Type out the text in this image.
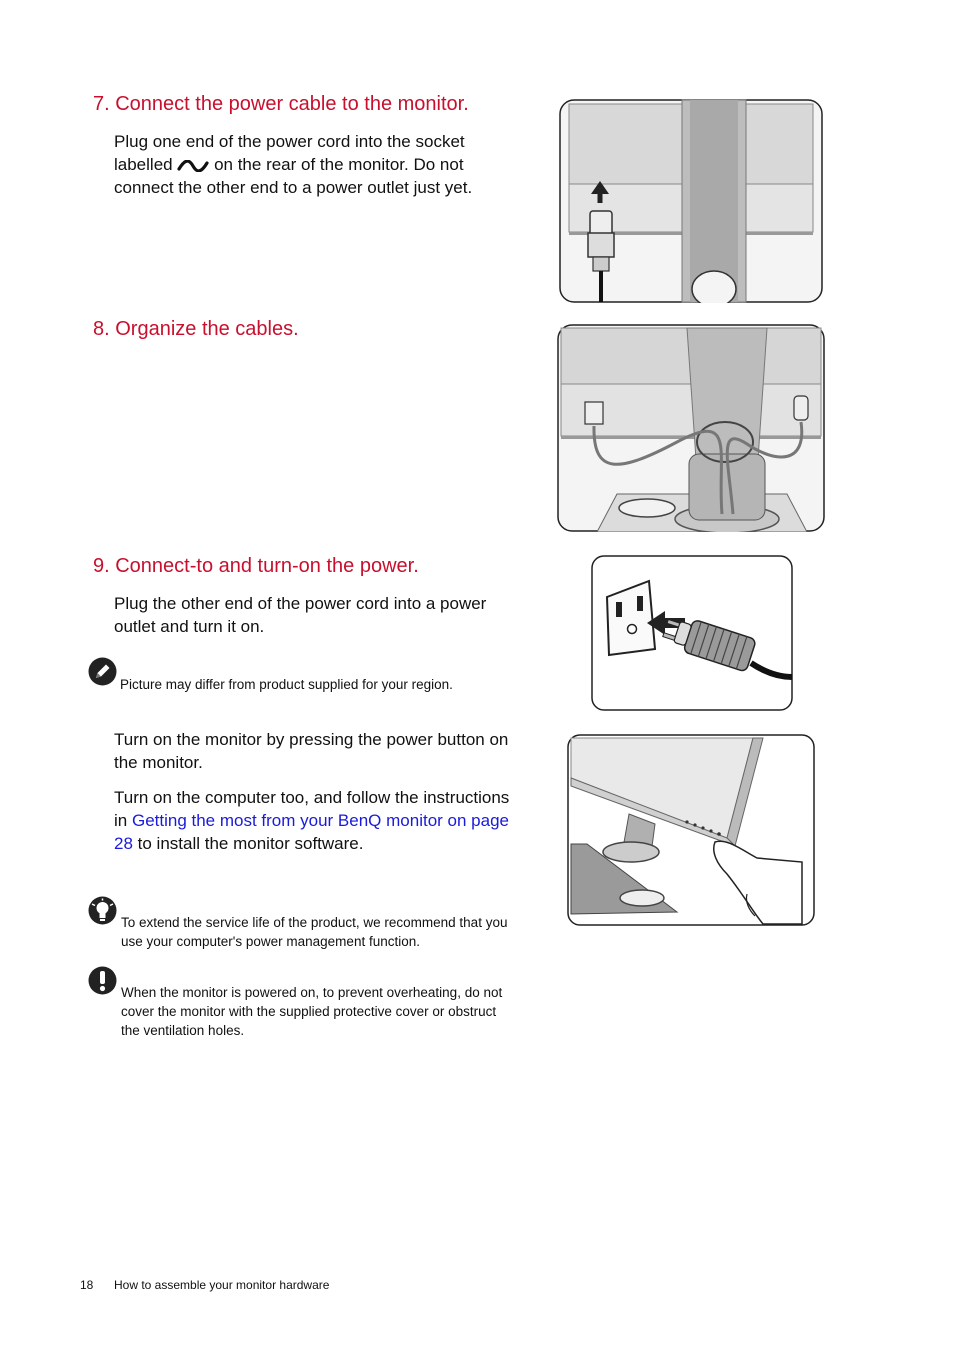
7. Connect the power cable to the monitor.

Plug one end of the power cord into the socket labelled on the rear of the monitor. Do not connect the other end to a power outlet just yet.

8. Organize the cables.
9. Connect-to and turn-on the power.

Plug the other end of the power cord into a power outlet and turn it on.

Picture may differ from product supplied for your region.

Turn on the monitor by pressing the power button on the monitor.

Turn on the computer too, and follow the instructions in Getting the most from your BenQ monitor on page 28 to install the monitor software.

To extend the service life of the product, we recommend that you use your computer's power management function.

When the monitor is powered on, to prevent overheating, do not cover the monitor with the supplied protective cover or obstruct the ventilation holes.

18 How to assemble your monitor hardware
